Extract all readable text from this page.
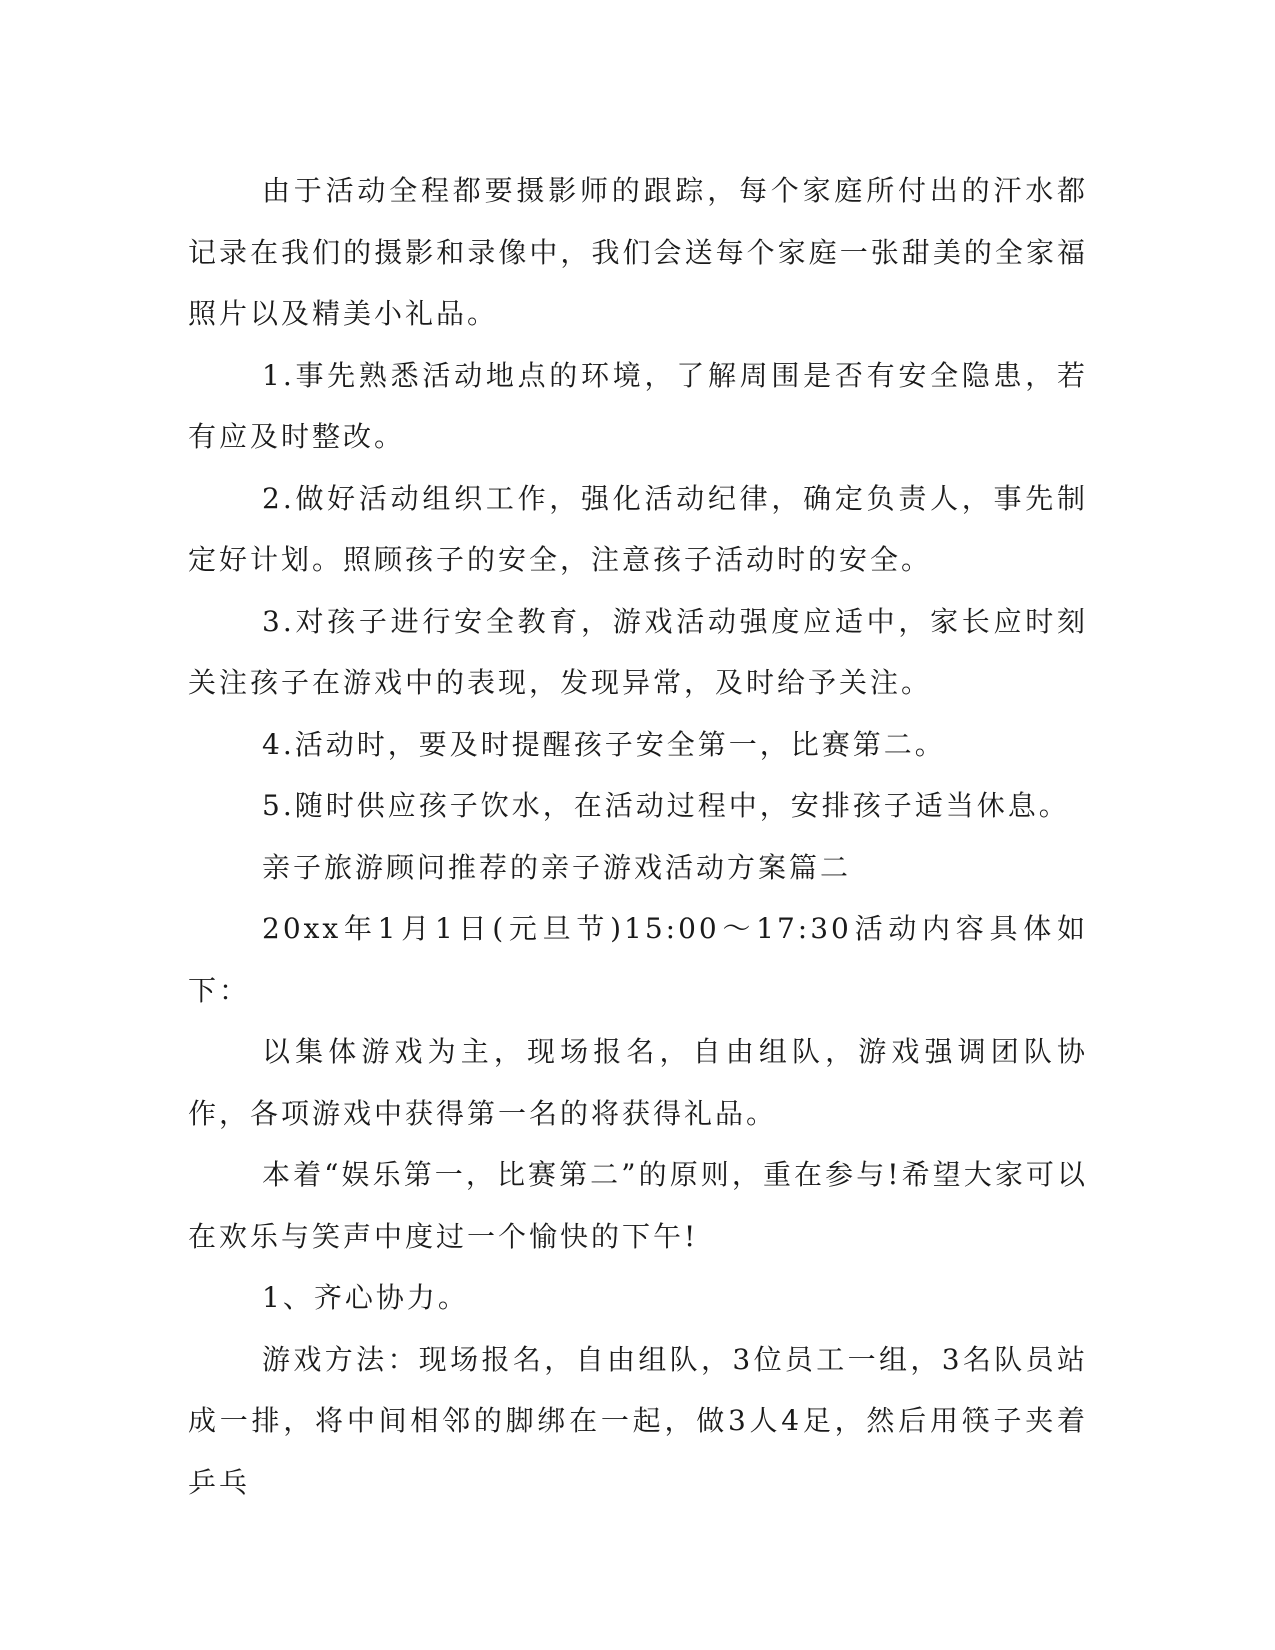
由于活动全程都要摄影师的跟踪，每个家庭所付出的汗水都记录在我们的摄影和录像中，我们会送每个家庭一张甜美的全家福照片以及精美小礼品。

1.事先熟悉活动地点的环境，了解周围是否有安全隐患，若有应及时整改。

2.做好活动组织工作，强化活动纪律，确定负责人，事先制定好计划。照顾孩子的安全，注意孩子活动时的安全。

3.对孩子进行安全教育，游戏活动强度应适中，家长应时刻关注孩子在游戏中的表现，发现异常，及时给予关注。

4.活动时，要及时提醒孩子安全第一，比赛第二。

5.随时供应孩子饮水，在活动过程中，安排孩子适当休息。

亲子旅游顾问推荐的亲子游戏活动方案篇二

20xx年1月1日(元旦节)15:00～17:30活动内容具体如下：

以集体游戏为主，现场报名，自由组队，游戏强调团队协作，各项游戏中获得第一名的将获得礼品。

本着“娱乐第一，比赛第二”的原则，重在参与!希望大家可以在欢乐与笑声中度过一个愉快的下午!

1、齐心协力。

游戏方法：现场报名，自由组队，3位员工一组，3名队员站成一排，将中间相邻的脚绑在一起，做3人4足，然后用筷子夹着乒乓
